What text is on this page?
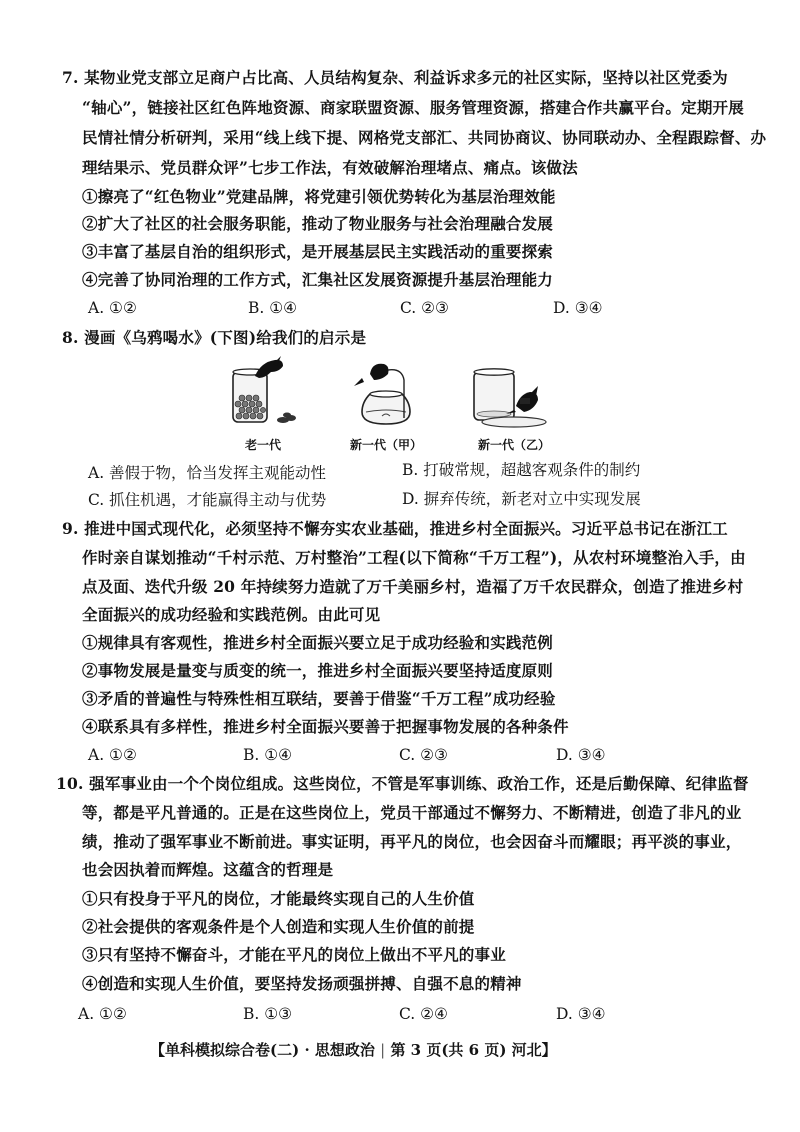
7. 某物业党支部立足商户占比高、人员结构复杂、利益诉求多元的社区实际，坚持以社区党委为
“轴心”，链接社区红色阵地资源、商家联盟资源、服务管理资源，搭建合作共赢平台。定期开展
民情社情分析研判，采用“线上线下提、网格党支部汇、共同协商议、协同联动办、全程跟踪督、办
理结果示、党员群众评”七步工作法，有效破解治理堵点、痛点。该做法
①擦亮了“红色物业”党建品牌，将党建引领优势转化为基层治理效能
②扩大了社区的社会服务职能，推动了物业服务与社会治理融合发展
③丰富了基层自治的组织形式，是开展基层民主实践活动的重要探索
④完善了协同治理的工作方式，汇集社区发展资源提升基层治理能力
A. ①②	B. ①④	C. ②③	D. ③④
8. 漫画《乌鸦喝水》(下图)给我们的启示是
老一代	新一代（甲）	新一代（乙）
A. 善假于物，恰当发挥主观能动性	B. 打破常规，超越客观条件的制约
C. 抓住机遇，才能赢得主动与优势	D. 摒弃传统，新老对立中实现发展
9. 推进中国式现代化，必须坚持不懈夯实农业基础，推进乡村全面振兴。习近平总书记在浙江工
作时亲自谋划推动“千村示范、万村整治”工程(以下简称“千万工程”)，从农村环境整治入手，由
点及面、迭代升级 20 年持续努力造就了万千美丽乡村，造福了万千农民群众，创造了推进乡村
全面振兴的成功经验和实践范例。由此可见
①规律具有客观性，推进乡村全面振兴要立足于成功经验和实践范例
②事物发展是量变与质变的统一，推进乡村全面振兴要坚持适度原则
③矛盾的普遍性与特殊性相互联结，要善于借鉴“千万工程”成功经验
④联系具有多样性，推进乡村全面振兴要善于把握事物发展的各种条件
A. ①②	B. ①④	C. ②③	D. ③④
10. 强军事业由一个个岗位组成。这些岗位，不管是军事训练、政治工作，还是后勤保障、纪律监督
等，都是平凡普通的。正是在这些岗位上，党员干部通过不懈努力、不断精进，创造了非凡的业
绩，推动了强军事业不断前进。事实证明，再平凡的岗位，也会因奋斗而耀眼；再平淡的事业，
也会因执着而辉煌。这蕴含的哲理是
①只有投身于平凡的岗位，才能最终实现自己的人生价值
②社会提供的客观条件是个人创造和实现人生价值的前提
③只有坚持不懈奋斗，才能在平凡的岗位上做出不平凡的事业
④创造和实现人生价值，要坚持发扬顽强拼搏、自强不息的精神
A. ①②	B. ①③	C. ②④	D. ③④
【单科模拟综合卷(二) · 思想政治 | 第 3 页(共 6 页) 河北】
